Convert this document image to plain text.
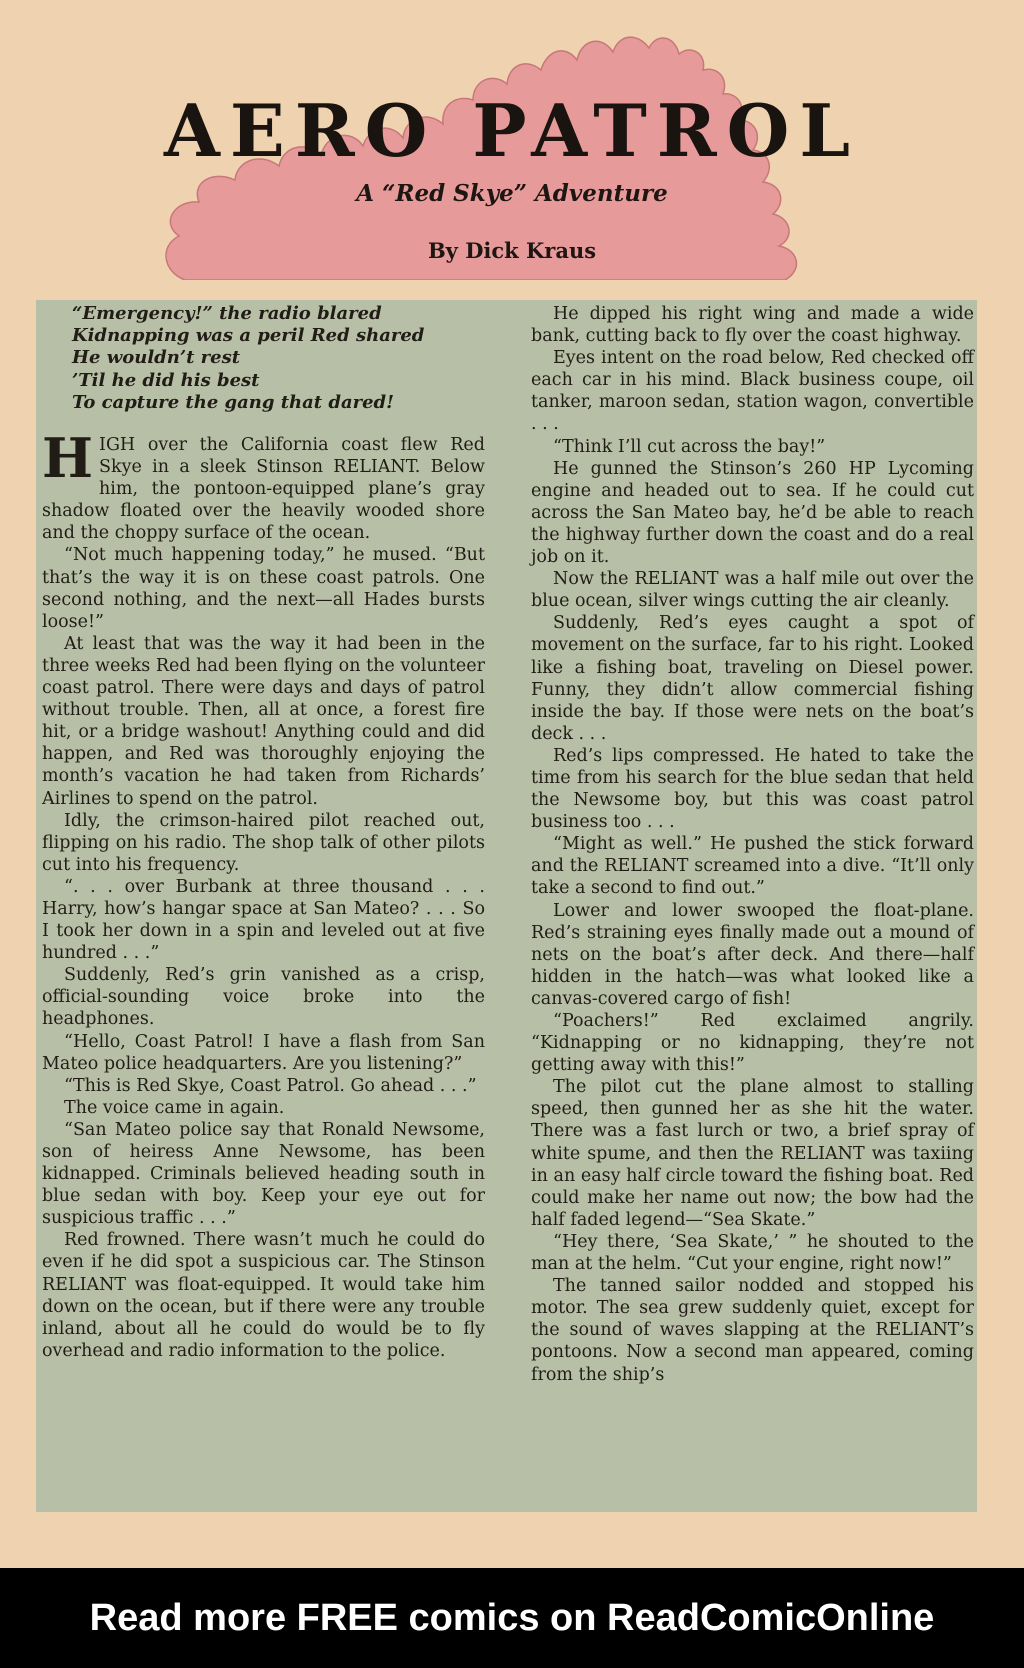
AERO PATROL
A “Red Skye” Adventure
By Dick Kraus

“Emergency!” the radio blared

Kidnapping was a peril Red shared

He wouldn’t rest

’Til he did his best

To capture the gang that dared!

HIGH over the California coast flew Red Skye in a sleek Stinson RELIANT. Below him, the pontoon-equipped plane’s gray shadow floated over the heavily wooded shore and the choppy surface of the ocean.

“Not much happening today,” he mused. “But that’s the way it is on these coast patrols. One second nothing, and the next—all Hades bursts loose!”

At least that was the way it had been in the three weeks Red had been flying on the volunteer coast patrol. There were days and days of patrol without trouble. Then, all at once, a forest fire hit, or a bridge washout! Anything could and did happen, and Red was thoroughly enjoying the month’s vacation he had taken from Richards’ Airlines to spend on the patrol.

Idly, the crimson-haired pilot reached out, flipping on his radio. The shop talk of other pilots cut into his frequency.

“. . . over Burbank at three thousand . . . Harry, how’s hangar space at San Mateo? . . . So I took her down in a spin and leveled out at five hundred . . .”

Suddenly, Red’s grin vanished as a crisp, official-sounding voice broke into the headphones.

“Hello, Coast Patrol! I have a flash from San Mateo police headquarters. Are you listening?”

“This is Red Skye, Coast Patrol. Go ahead . . .”

The voice came in again.

“San Mateo police say that Ronald Newsome, son of heiress Anne Newsome, has been kidnapped. Criminals believed heading south in blue sedan with boy. Keep your eye out for suspicious traffic . . .”

Red frowned. There wasn’t much he could do even if he did spot a suspicious car. The Stinson RELIANT was float-equipped. It would take him down on the ocean, but if there were any trouble inland, about all he could do would be to fly overhead and radio information to the police.

He dipped his right wing and made a wide bank, cutting back to fly over the coast highway.

Eyes intent on the road below, Red checked off each car in his mind. Black business coupe, oil tanker, maroon sedan, station wagon, convertible . . .

“Think I’ll cut across the bay!”

He gunned the Stinson’s 260 HP Lycoming engine and headed out to sea. If he could cut across the San Mateo bay, he’d be able to reach the highway further down the coast and do a real job on it.

Now the RELIANT was a half mile out over the blue ocean, silver wings cutting the air cleanly.

Suddenly, Red’s eyes caught a spot of movement on the surface, far to his right. Looked like a fishing boat, traveling on Diesel power. Funny, they didn’t allow commercial fishing inside the bay. If those were nets on the boat’s deck . . .

Red’s lips compressed. He hated to take the time from his search for the blue sedan that held the Newsome boy, but this was coast patrol business too . . .

“Might as well.” He pushed the stick forward and the RELIANT screamed into a dive. “It’ll only take a second to find out.”

Lower and lower swooped the float-plane. Red’s straining eyes finally made out a mound of nets on the boat’s after deck. And there—half hidden in the hatch—was what looked like a canvas-covered cargo of fish!

“Poachers!” Red exclaimed angrily. “Kidnapping or no kidnapping, they’re not getting away with this!”

The pilot cut the plane almost to stalling speed, then gunned her as she hit the water. There was a fast lurch or two, a brief spray of white spume, and then the RELIANT was taxiing in an easy half circle toward the fishing boat. Red could make her name out now; the bow had the half faded legend—“Sea Skate.”

“Hey there, ‘Sea Skate,’ ” he shouted to the man at the helm. “Cut your engine, right now!”

The tanned sailor nodded and stopped his motor. The sea grew suddenly quiet, except for the sound of waves slapping at the RELIANT’s pontoons. Now a second man appeared, coming from the ship’s

Read more FREE comics on ReadComicOnline
